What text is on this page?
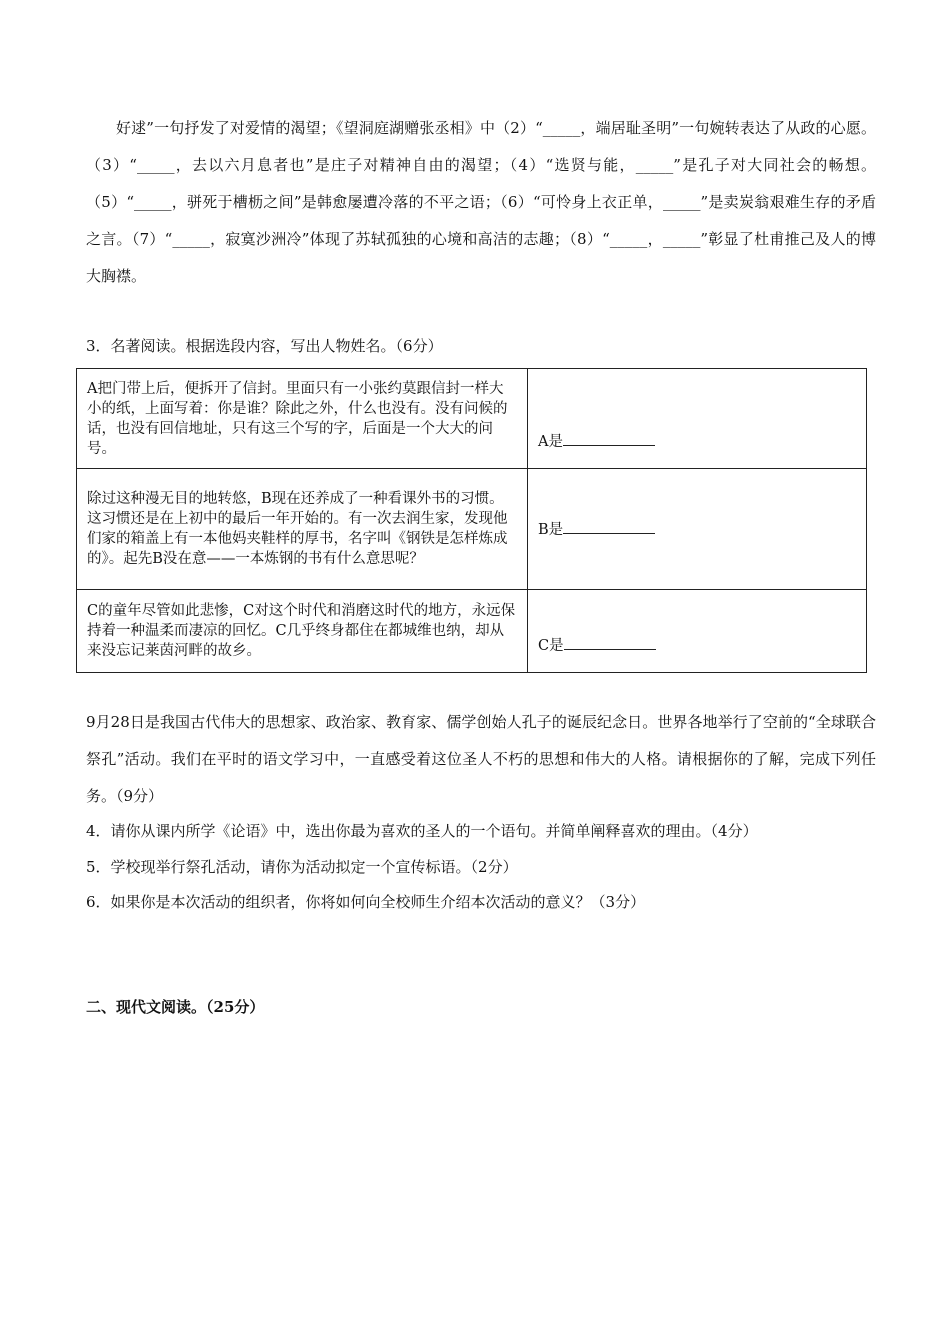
好逑”一句抒发了对爱情的渴望；《望洞庭湖赠张丞相》中（2）“_____，端居耻圣明”一句婉转表达了从政的心愿。（3）“_____，去以六月息者也”是庄子对精神自由的渴望；（4）“选贤与能，_____”是孔子对大同社会的畅想。（5）“_____，骈死于槽枥之间”是韩愈屡遭冷落的不平之语；（6）“可怜身上衣正单，_____”是卖炭翁艰难生存的矛盾之言。（7）“_____，寂寞沙洲冷”体现了苏轼孤独的心境和高洁的志趣；（8）“_____，_____”彰显了杜甫推己及人的博大胸襟。

3．名著阅读。根据选段内容，写出人物姓名。（6分）
A把门带上后，便拆开了信封。里面只有一小张约莫跟信封一样大小的纸，上面写着：你是谁？除此之外，什么也没有。没有问候的话，也没有回信地址，只有这三个写的字，后面是一个大大的问号。	A是

除过这种漫无目的地转悠，B现在还养成了一种看课外书的习惯。这习惯还是在上初中的最后一年开始的。有一次去润生家，发现他们家的箱盖上有一本他妈夹鞋样的厚书，名字叫《钢铁是怎样炼成的》。起先B没在意——一本炼钢的书有什么意思呢？	B是

C的童年尽管如此悲惨，C对这个时代和消磨这时代的地方，永远保持着一种温柔而凄凉的回忆。C几乎终身都住在都城维也纳，却从来没忘记莱茵河畔的故乡。	C是

9月28日是我国古代伟大的思想家、政治家、教育家、儒学创始人孔子的诞辰纪念日。世界各地举行了空前的“全球联合祭孔”活动。我们在平时的语文学习中，一直感受着这位圣人不朽的思想和伟大的人格。请根据你的了解，完成下列任务。（9分）

4．请你从课内所学《论语》中，选出你最为喜欢的圣人的一个语句。并简单阐释喜欢的理由。（4分）
5．学校现举行祭孔活动，请你为活动拟定一个宣传标语。（2分）
6．如果你是本次活动的组织者，你将如何向全校师生介绍本次活动的意义？（3分）
二、现代文阅读。（25分）
